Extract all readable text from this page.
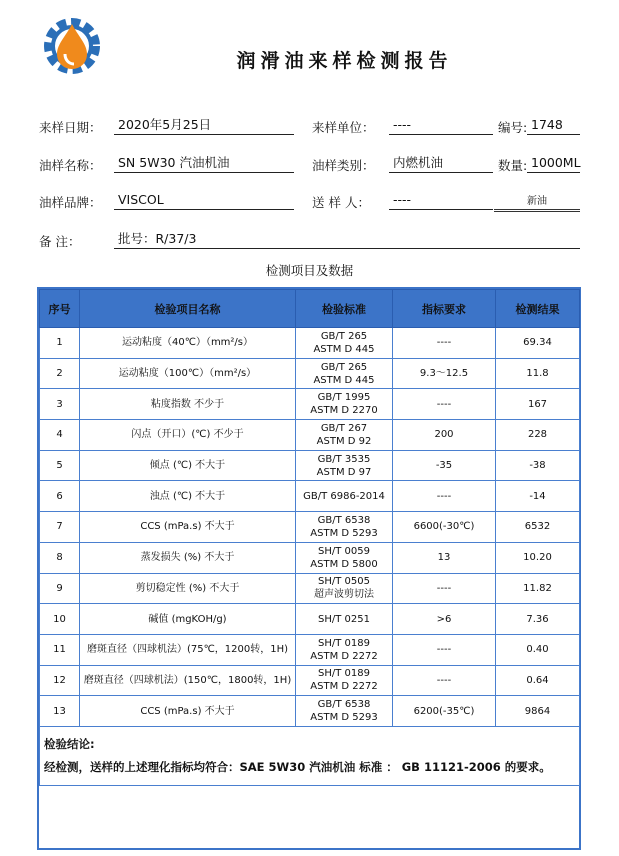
润滑油来样检测报告
来样日期：	2020年5月25日	来样单位：	----	编号: 1748
油样名称：	SN 5W30 汽油机油	油样类别：	内燃机油	数量: 1000ML
油样品牌：	VISCOL	送 样 人：	----	新油
备 注：	批号：R/37/3
检测项目及数据
序号	检验项目名称	检验标准	指标要求	检测结果
1	运动粘度（40℃）（mm²/s）	GB/T 265
ASTM D 445	----	69.34
2	运动粘度（100℃）（mm²/s）	GB/T 265
ASTM D 445	9.3～12.5	11.8
3	粘度指数 不少于	GB/T 1995
ASTM D 2270	----	167
4	闪点（开口）(℃) 不少于	GB/T 267
ASTM D 92	200	228
5	倾点 (℃) 不大于	GB/T 3535
ASTM D 97	-35	-38
6	浊点 (℃) 不大于	GB/T 6986-2014	----	-14
7	CCS (mPa.s) 不大于	GB/T 6538
ASTM D 5293	6600(-30℃)	6532
8	蒸发损失 (%) 不大于	SH/T 0059
ASTM D 5800	13	10.20
9	剪切稳定性 (%) 不大于	SH/T 0505
超声波剪切法	----	11.82
10	碱值 (mgKOH/g)	SH/T 0251	>6	7.36
11	磨斑直径（四球机法）(75℃，1200转，1H)	SH/T 0189
ASTM D 2272	----	0.40
12	磨斑直径（四球机法）(150℃，1800转，1H)	SH/T 0189
ASTM D 2272	----	0.64
13	CCS (mPa.s) 不大于	GB/T 6538
ASTM D 5293	6200(-35℃)	9864

检验结论:
经检测，送样的上述理化指标均符合：SAE 5W30 汽油机油 标准 ： GB 11121-2006 的要求。				
